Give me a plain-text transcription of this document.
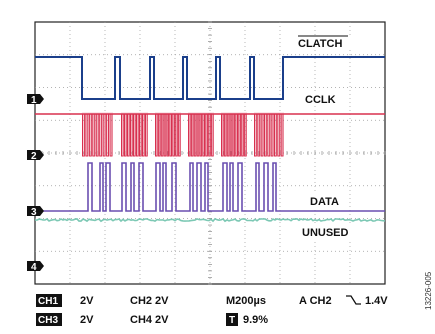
CLATCH
CCLK
DATA
UNUSED
1
2
3
4
CH1 2V	CH2 2V	M200µs	A CH2	1.4V
CH3 2V	CH4 2V	T 9.9%
13226-005
